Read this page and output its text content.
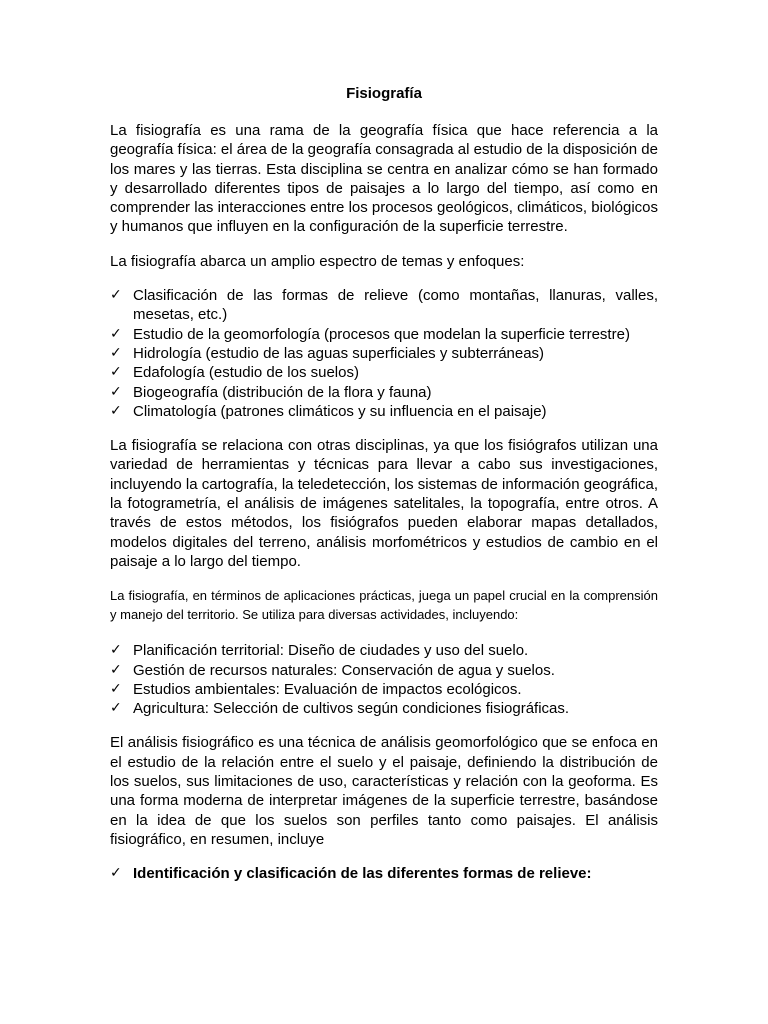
Fisiografía

La fisiografía es una rama de la geografía física que hace referencia a la geografía física: el área de la geografía consagrada al estudio de la disposición de los mares y las tierras. Esta disciplina se centra en analizar cómo se han formado y desarrollado diferentes tipos de paisajes a lo largo del tiempo, así como en comprender las interacciones entre los procesos geológicos, climáticos, biológicos y humanos que influyen en la configuración de la superficie terrestre.

La fisiografía abarca un amplio espectro de temas y enfoques:

✓ Clasificación de las formas de relieve (como montañas, llanuras, valles, mesetas, etc.)
✓ Estudio de la geomorfología (procesos que modelan la superficie terrestre)
✓ Hidrología (estudio de las aguas superficiales y subterráneas)
✓ Edafología (estudio de los suelos)
✓ Biogeografía (distribución de la flora y fauna)
✓ Climatología (patrones climáticos y su influencia en el paisaje)

La fisiografía se relaciona con otras disciplinas, ya que los fisiógrafos utilizan una variedad de herramientas y técnicas para llevar a cabo sus investigaciones, incluyendo la cartografía, la teledetección, los sistemas de información geográfica, la fotogrametría, el análisis de imágenes satelitales, la topografía, entre otros. A través de estos métodos, los fisiógrafos pueden elaborar mapas detallados, modelos digitales del terreno, análisis morfométricos y estudios de cambio en el paisaje a lo largo del tiempo.

La fisiografía, en términos de aplicaciones prácticas, juega un papel crucial en la comprensión y manejo del territorio. Se utiliza para diversas actividades, incluyendo:

✓ Planificación territorial: Diseño de ciudades y uso del suelo.
✓ Gestión de recursos naturales: Conservación de agua y suelos.
✓ Estudios ambientales: Evaluación de impactos ecológicos.
✓ Agricultura: Selección de cultivos según condiciones fisiográficas.

El análisis fisiográfico es una técnica de análisis geomorfológico que se enfoca en el estudio de la relación entre el suelo y el paisaje, definiendo la distribución de los suelos, sus limitaciones de uso, características y relación con la geoforma. Es una forma moderna de interpretar imágenes de la superficie terrestre, basándose en la idea de que los suelos son perfiles tanto como paisajes. El análisis fisiográfico, en resumen, incluye

✓ Identificación y clasificación de las diferentes formas de relieve:
